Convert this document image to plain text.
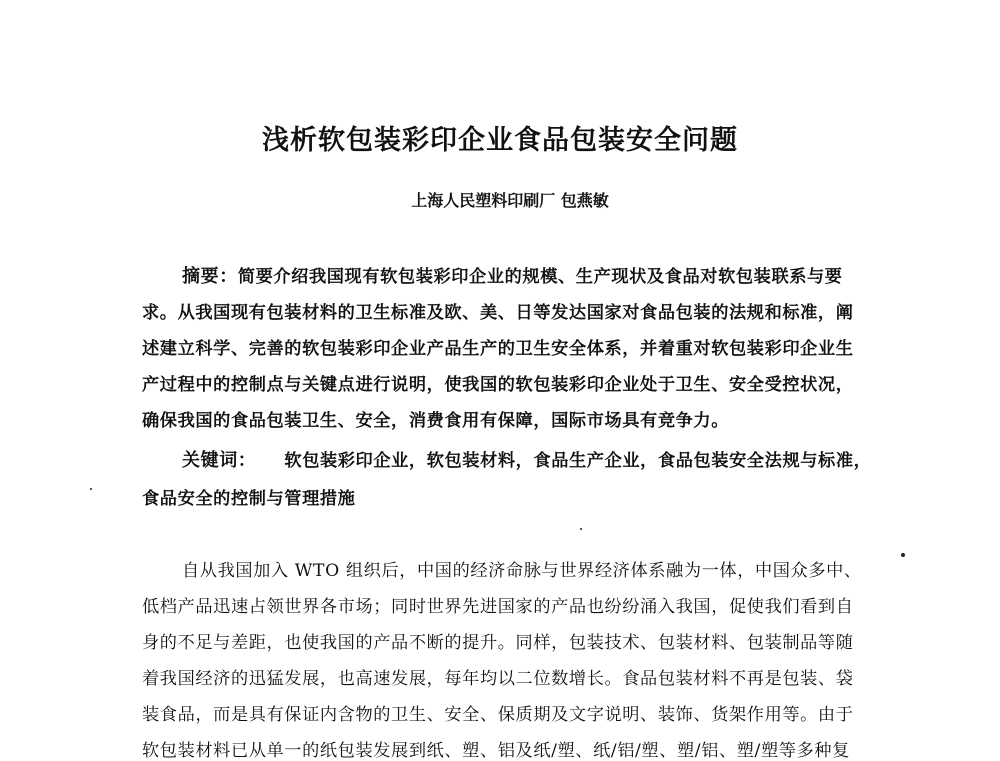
浅析软包装彩印企业食品包装安全问题
上海人民塑料印刷厂 包燕敏
摘要：简要介绍我国现有软包装彩印企业的规模、生产现状及食品对软包装联系与要
求。从我国现有包装材料的卫生标准及欧、美、日等发达国家对食品包装的法规和标准，阐
述建立科学、完善的软包装彩印企业产品生产的卫生安全体系，并着重对软包装彩印企业生
产过程中的控制点与关键点进行说明，使我国的软包装彩印企业处于卫生、安全受控状况，
确保我国的食品包装卫生、安全，消费食用有保障，国际市场具有竞争力。
关键词： 软包装彩印企业，软包装材料，食品生产企业，食品包装安全法规与标准，
食品安全的控制与管理措施
自从我国加入 WTO 组织后，中国的经济命脉与世界经济体系融为一体，中国众多中、
低档产品迅速占领世界各市场；同时世界先进国家的产品也纷纷涌入我国，促使我们看到自
身的不足与差距，也使我国的产品不断的提升。同样，包装技术、包装材料、包装制品等随
着我国经济的迅猛发展，也高速发展，每年均以二位数增长。食品包装材料不再是包装、袋
装食品，而是具有保证内含物的卫生、安全、保质期及文字说明、装饰、货架作用等。由于
软包装材料已从单一的纸包装发展到纸、塑、铝及纸/塑、纸/铝/塑、塑/铝、塑/塑等多种复
